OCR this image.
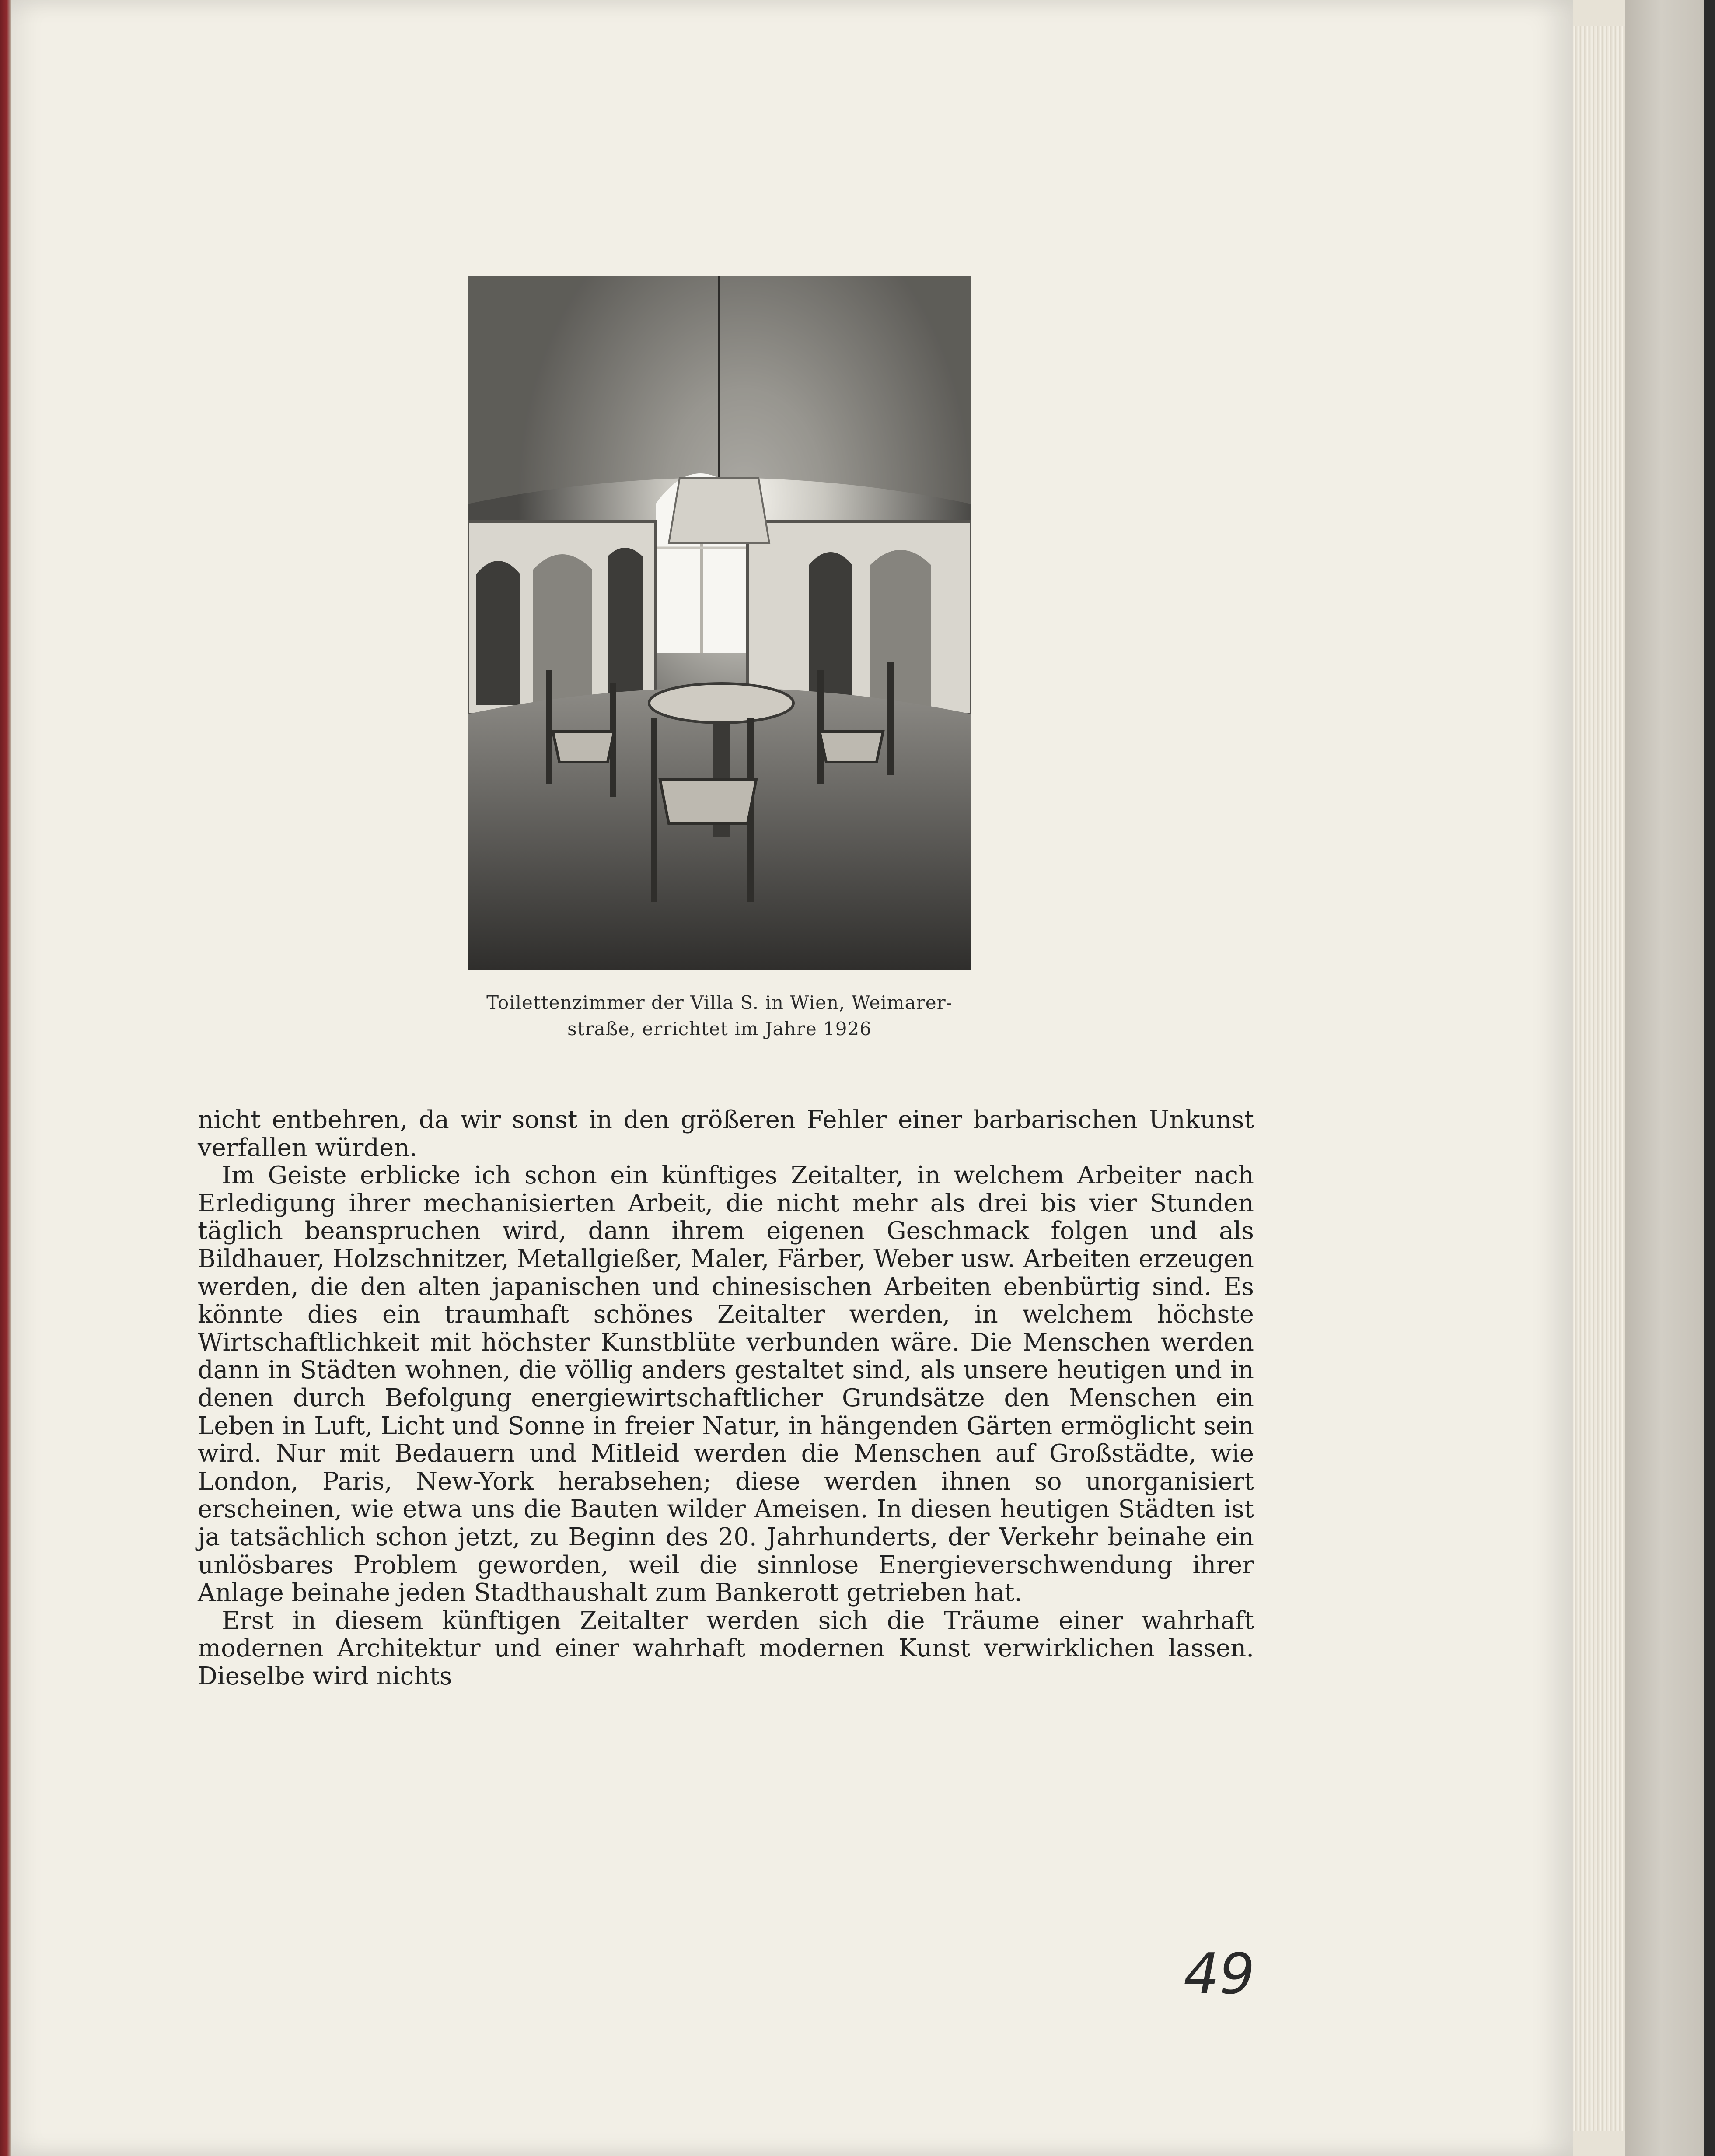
Toilettenzimmer der Villa S. in Wien, Weimarer-
straße, errichtet im Jahre 1926

nicht entbehren, da wir sonst in den größeren Fehler einer barbarischen Unkunst verfallen würden.

Im Geiste erblicke ich schon ein künftiges Zeitalter, in welchem Arbeiter nach Erledigung ihrer mechanisierten Arbeit, die nicht mehr als drei bis vier Stunden täglich beanspruchen wird, dann ihrem eigenen Geschmack folgen und als Bildhauer, Holzschnitzer, Metallgießer, Maler, Färber, Weber usw. Arbeiten erzeugen werden, die den alten japanischen und chinesischen Arbeiten ebenbürtig sind. Es könnte dies ein traumhaft schönes Zeitalter werden, in welchem höchste Wirtschaftlichkeit mit höchster Kunstblüte verbunden wäre. Die Menschen werden dann in Städten wohnen, die völlig anders gestaltet sind, als unsere heutigen und in denen durch Befolgung energiewirtschaftlicher Grundsätze den Menschen ein Leben in Luft, Licht und Sonne in freier Natur, in hängenden Gärten ermöglicht sein wird. Nur mit Bedauern und Mitleid werden die Menschen auf Großstädte, wie London, Paris, New-York herabsehen; diese werden ihnen so unorganisiert erscheinen, wie etwa uns die Bauten wilder Ameisen. In diesen heutigen Städten ist ja tatsächlich schon jetzt, zu Beginn des 20. Jahrhunderts, der Verkehr beinahe ein unlösbares Problem geworden, weil die sinnlose Energieverschwendung ihrer Anlage beinahe jeden Stadthaushalt zum Bankerott getrieben hat.

Erst in diesem künftigen Zeitalter werden sich die Träume einer wahrhaft modernen Architektur und einer wahrhaft modernen Kunst verwirklichen lassen. Dieselbe wird nichts

49
